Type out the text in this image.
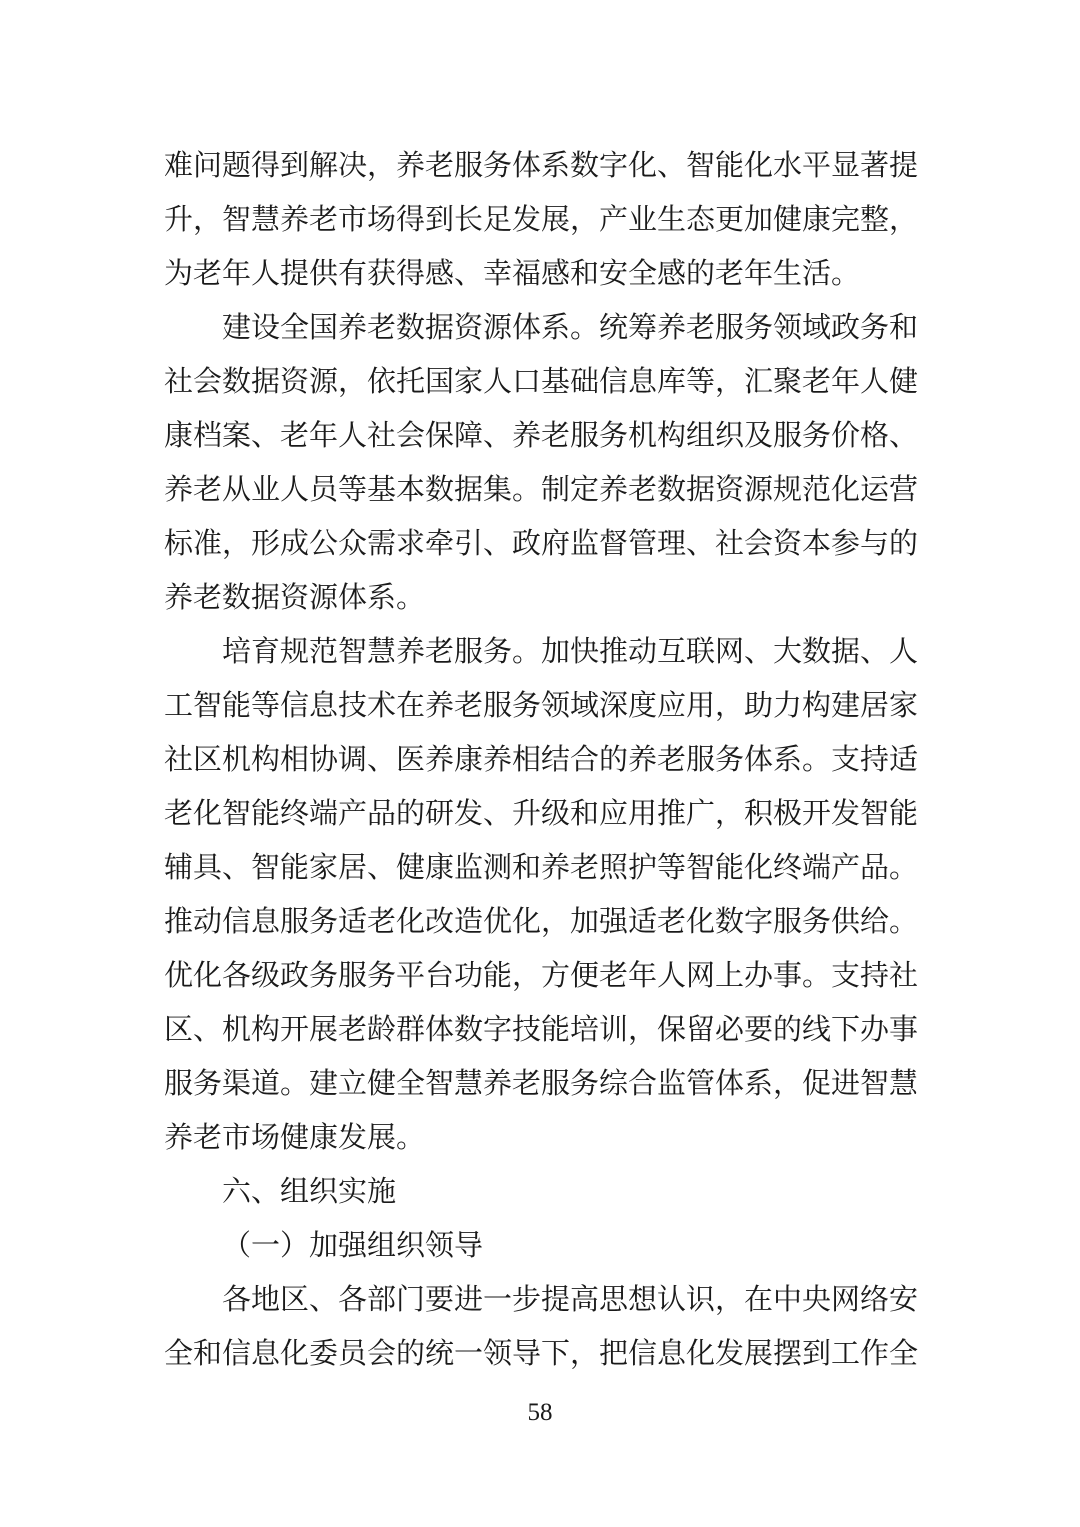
难问题得到解决，养老服务体系数字化、智能化水平显著提
升，智慧养老市场得到长足发展，产业生态更加健康完整，
为老年人提供有获得感、幸福感和安全感的老年生活。
建设全国养老数据资源体系。统筹养老服务领域政务和
社会数据资源，依托国家人口基础信息库等，汇聚老年人健
康档案、老年人社会保障、养老服务机构组织及服务价格、
养老从业人员等基本数据集。制定养老数据资源规范化运营
标准，形成公众需求牵引、政府监督管理、社会资本参与的
养老数据资源体系。
培育规范智慧养老服务。加快推动互联网、大数据、人
工智能等信息技术在养老服务领域深度应用，助力构建居家
社区机构相协调、医养康养相结合的养老服务体系。支持适
老化智能终端产品的研发、升级和应用推广，积极开发智能
辅具、智能家居、健康监测和养老照护等智能化终端产品。
推动信息服务适老化改造优化，加强适老化数字服务供给。
优化各级政务服务平台功能，方便老年人网上办事。支持社
区、机构开展老龄群体数字技能培训，保留必要的线下办事
服务渠道。建立健全智慧养老服务综合监管体系，促进智慧
养老市场健康发展。
六、组织实施
（一）加强组织领导
各地区、各部门要进一步提高思想认识，在中央网络安
全和信息化委员会的统一领导下，把信息化发展摆到工作全
58
